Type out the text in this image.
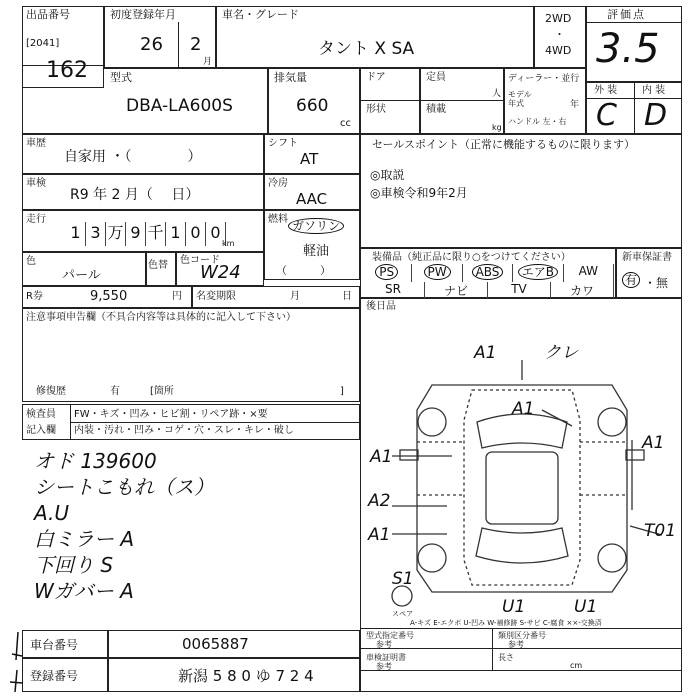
出品番号
[2041]
162
初度登録年月
26 2
月
車名・グレード
タント X SA
2WD
・
4WD
評価点
3.5
型式
DBA-LA600S
排気量
660
cc
ドア
形状
定員
人
積載
kg
ディーラー・並行
モデル
年式	年
ハンドル 左・右
外 装 内 装
C D
車歴
自家用 ・（　　　　）
シフト
AT
車検
R9 年 2 月（　 日）
冷房
AAC
走行
1 3 万 9 千 1 0 0
km
燃料 ガソリン
軽油
（　　　）
色
パール
色替 色コード
W24
R券	9,550	円 名変期限	月	日
注意事項申告欄（不具合内容等は具体的に記入して下さい）
修復歴	有	[箇所	]
検査員
記入欄
FW・キズ・凹み・ヒビ割・リペア跡・×要
内装・汚れ・凹み・コゲ・穴・スレ・キレ・破し
オド 139600
シートこもれ（ス）
A.U
白ミラー A
下回り S
Wガバー A
セールスポイント（正常に機能するものに限ります）
◎取説
◎車検令和9年2月
装備品（純正品に限り○をつけてください）
PS	PW	ABS	エアB	AW
SR	ナビ	TV	カワ
新車保証書
有 ・無
後日品
A1	クレ
A1
A1
A1
A2
A1	T01
S1
U1	U1
スペア
A-キズ E-エクボ U-凹み W-補修跡 S-サビ C-腐食 ××-交換済
車台番号	0065887
登録番号	新潟 5 8 0 ゆ 7 2 4
型式指定番号
参考
類別区分番号
参考
車検証明書
参考
長さ
cm
